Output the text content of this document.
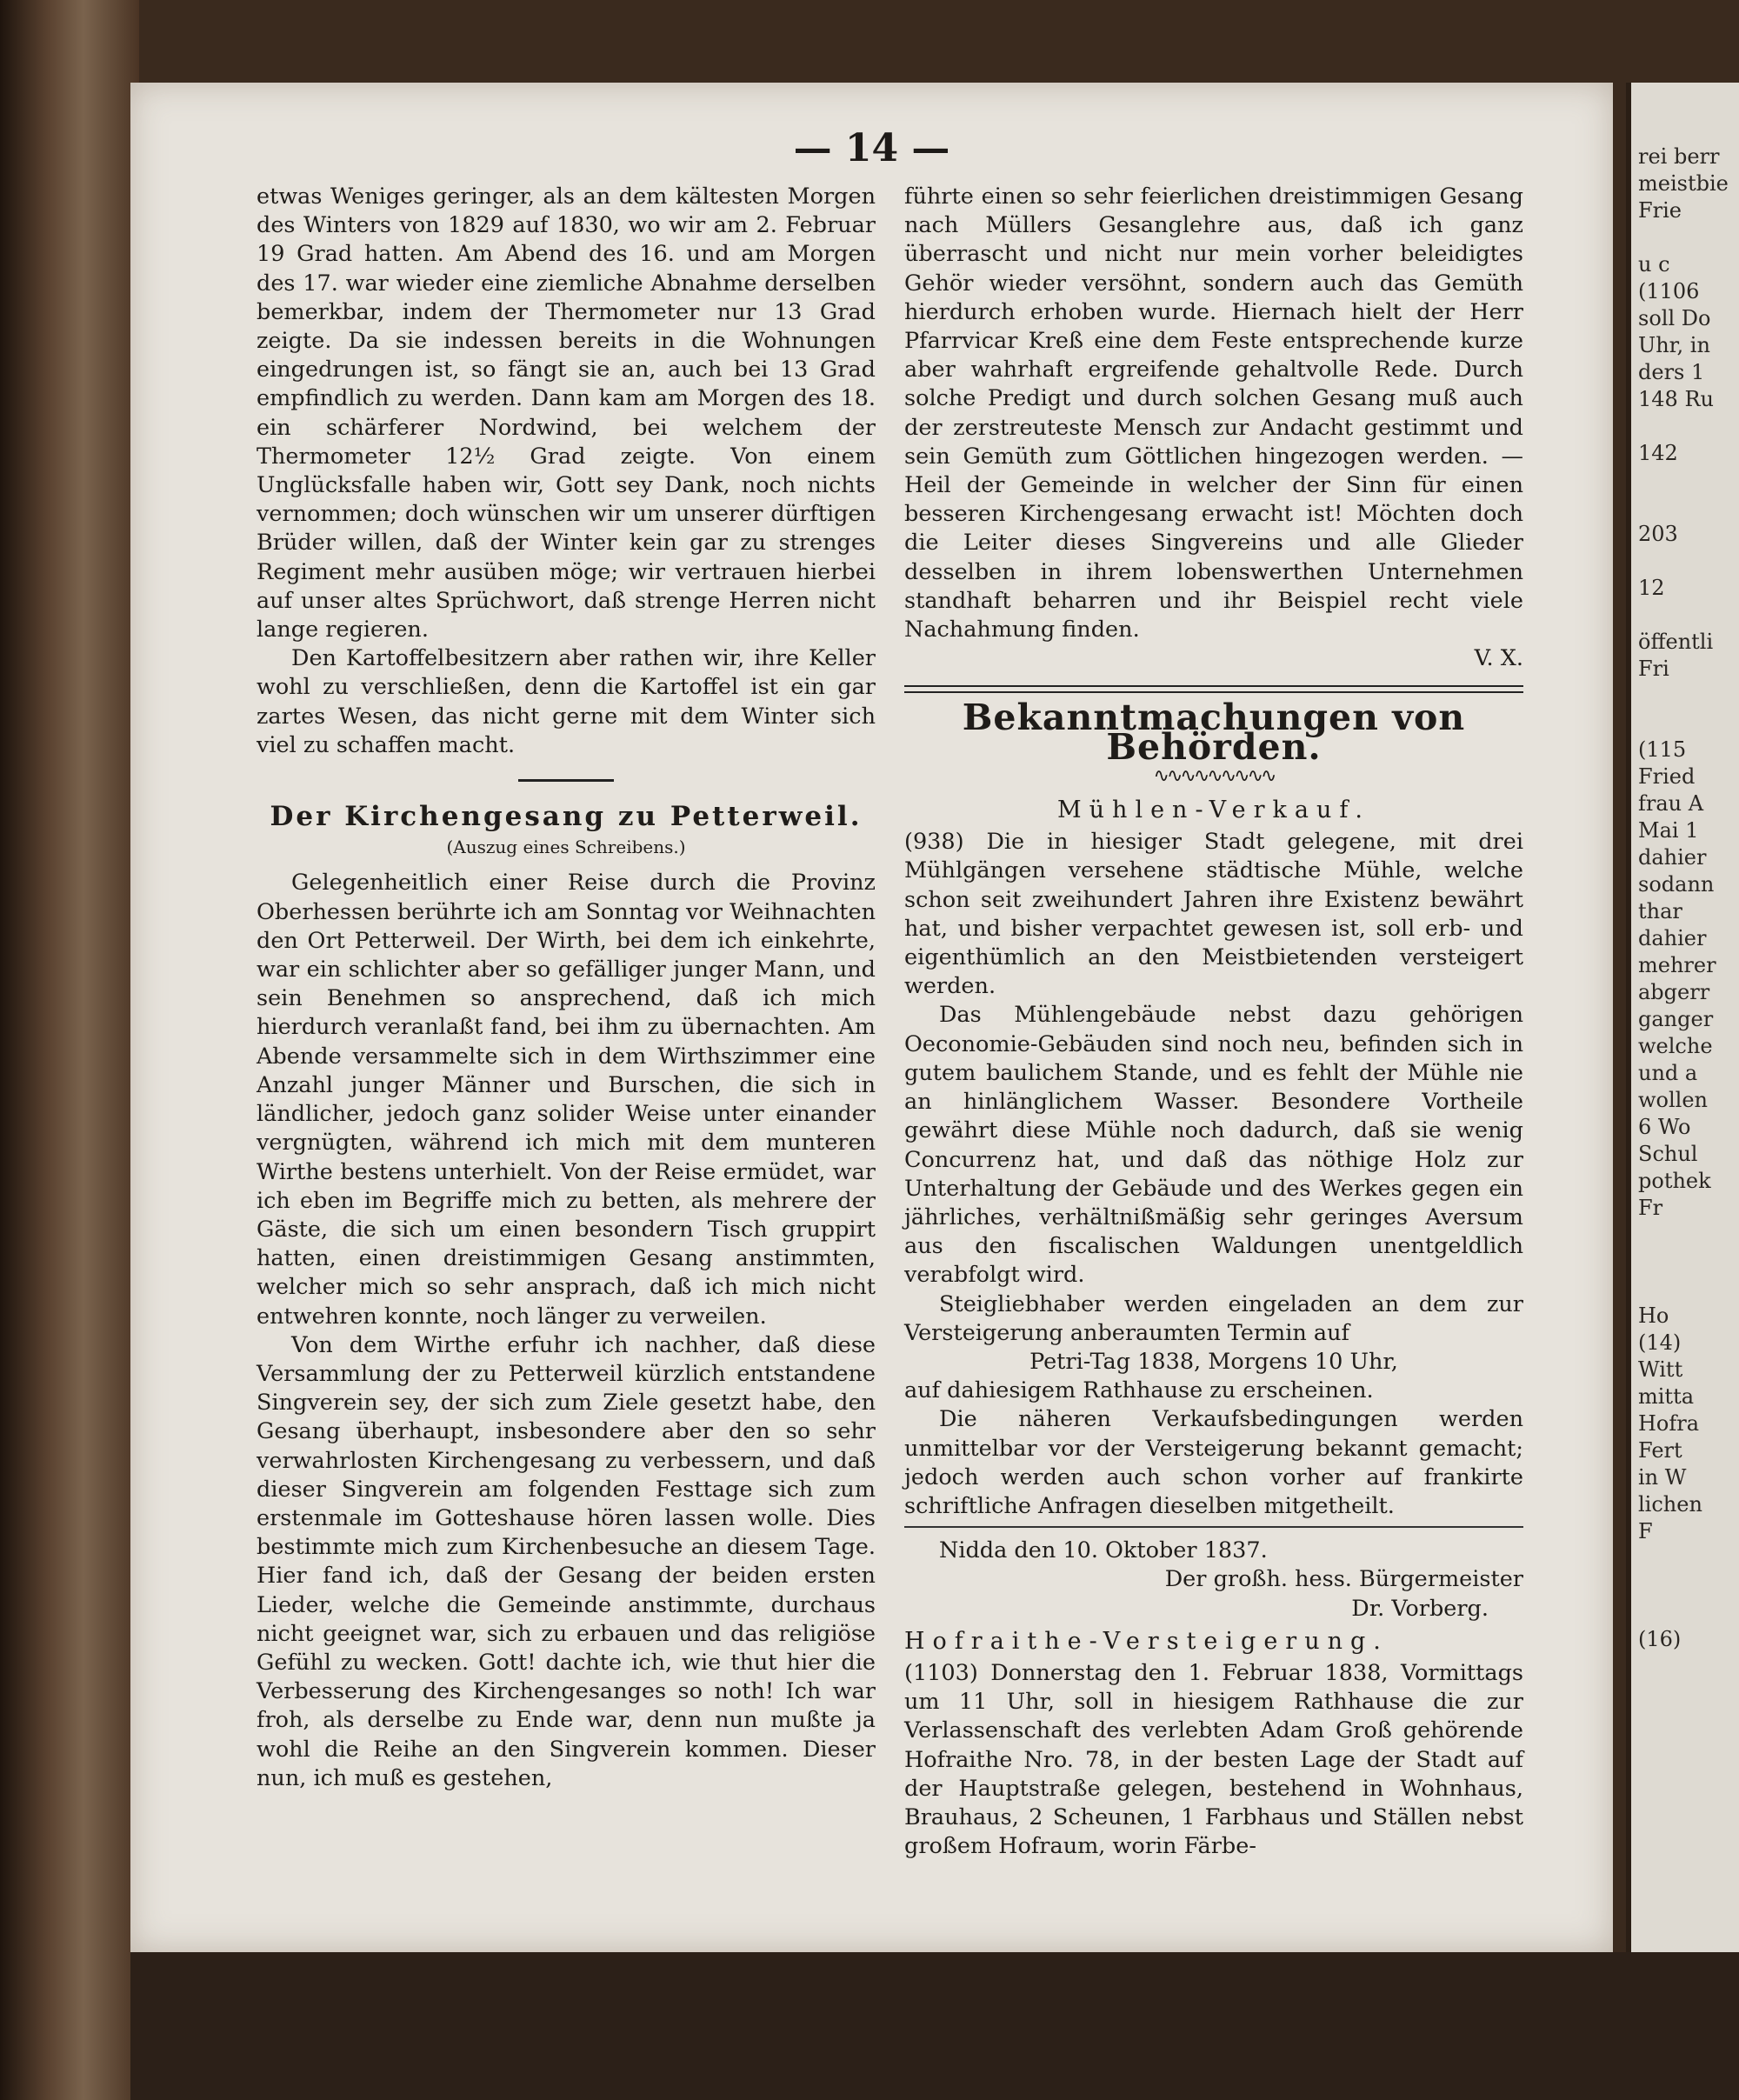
— 14 —

etwas Weniges geringer, als an dem kältesten Morgen des Winters von 1829 auf 1830, wo wir am 2. Februar 19 Grad hatten. Am Abend des 16. und am Morgen des 17. war wieder eine ziemliche Abnahme derselben bemerkbar, indem der Thermometer nur 13 Grad zeigte. Da sie indessen bereits in die Wohnungen eingedrungen ist, so fängt sie an, auch bei 13 Grad empfindlich zu werden. Dann kam am Morgen des 18. ein schärferer Nordwind, bei welchem der Thermometer 12½ Grad zeigte. Von einem Unglücksfalle haben wir, Gott sey Dank, noch nichts vernommen; doch wünschen wir um unserer dürftigen Brüder willen, daß der Winter kein gar zu strenges Regiment mehr ausüben möge; wir vertrauen hierbei auf unser altes Sprüchwort, daß strenge Herren nicht lange regieren.

Den Kartoffelbesitzern aber rathen wir, ihre Keller wohl zu verschließen, denn die Kartoffel ist ein gar zartes Wesen, das nicht gerne mit dem Winter sich viel zu schaffen macht.

Der Kirchengesang zu Petterweil.
(Auszug eines Schreibens.)

Gelegenheitlich einer Reise durch die Provinz Oberhessen berührte ich am Sonntag vor Weihnachten den Ort Petterweil. Der Wirth, bei dem ich einkehrte, war ein schlichter aber so gefälliger junger Mann, und sein Benehmen so ansprechend, daß ich mich hierdurch veranlaßt fand, bei ihm zu übernachten. Am Abende versammelte sich in dem Wirthszimmer eine Anzahl junger Männer und Burschen, die sich in ländlicher, jedoch ganz solider Weise unter einander vergnügten, während ich mich mit dem munteren Wirthe bestens unterhielt. Von der Reise ermüdet, war ich eben im Begriffe mich zu betten, als mehrere der Gäste, die sich um einen besondern Tisch gruppirt hatten, einen dreistimmigen Gesang anstimmten, welcher mich so sehr ansprach, daß ich mich nicht entwehren konnte, noch länger zu verweilen.

Von dem Wirthe erfuhr ich nachher, daß diese Versammlung der zu Petterweil kürzlich entstandene Singverein sey, der sich zum Ziele gesetzt habe, den Gesang überhaupt, insbesondere aber den so sehr verwahrlosten Kirchengesang zu verbessern, und daß dieser Singverein am folgenden Festtage sich zum erstenmale im Gotteshause hören lassen wolle. Dies bestimmte mich zum Kirchenbesuche an diesem Tage. Hier fand ich, daß der Gesang der beiden ersten Lieder, welche die Gemeinde anstimmte, durchaus nicht geeignet war, sich zu erbauen und das religiöse Gefühl zu wecken. Gott! dachte ich, wie thut hier die Verbesserung des Kirchengesanges so noth! Ich war froh, als derselbe zu Ende war, denn nun mußte ja wohl die Reihe an den Singverein kommen. Dieser nun, ich muß es gestehen,

führte einen so sehr feierlichen dreistimmigen Gesang nach Müllers Gesanglehre aus, daß ich ganz überrascht und nicht nur mein vorher beleidigtes Gehör wieder versöhnt, sondern auch das Gemüth hierdurch erhoben wurde. Hiernach hielt der Herr Pfarrvicar Kreß eine dem Feste entsprechende kurze aber wahrhaft ergreifende gehaltvolle Rede. Durch solche Predigt und durch solchen Gesang muß auch der zerstreuteste Mensch zur Andacht gestimmt und sein Gemüth zum Göttlichen hingezogen werden. — Heil der Gemeinde in welcher der Sinn für einen besseren Kirchengesang erwacht ist! Möchten doch die Leiter dieses Singvereins und alle Glieder desselben in ihrem lobenswerthen Unternehmen standhaft beharren und ihr Beispiel recht viele Nachahmung finden.

V. X.
Bekanntmachungen von Behörden.
∿∿∿∿∿∿∿∿∿
Mühlen-Verkauf.

(938) Die in hiesiger Stadt gelegene, mit drei Mühlgängen versehene städtische Mühle, welche schon seit zweihundert Jahren ihre Existenz bewährt hat, und bisher verpachtet gewesen ist, soll erb- und eigenthümlich an den Meistbietenden versteigert werden.

Das Mühlengebäude nebst dazu gehörigen Oeconomie-Gebäuden sind noch neu, befinden sich in gutem baulichem Stande, und es fehlt der Mühle nie an hinlänglichem Wasser. Besondere Vortheile gewährt diese Mühle noch dadurch, daß sie wenig Concurrenz hat, und daß das nöthige Holz zur Unterhaltung der Gebäude und des Werkes gegen ein jährliches, verhältnißmäßig sehr geringes Aversum aus den fiscalischen Waldungen unentgeldlich verabfolgt wird.

Steigliebhaber werden eingeladen an dem zur Versteigerung anberaumten Termin auf

Petri-Tag 1838, Morgens 10 Uhr,
auf dahiesigem Rathhause zu erscheinen.

Die näheren Verkaufsbedingungen werden unmittelbar vor der Versteigerung bekannt gemacht; jedoch werden auch schon vorher auf frankirte schriftliche Anfragen dieselben mitgetheilt.

Nidda den 10. Oktober 1837.
Der großh. hess. Bürgermeister
Dr. Vorberg.
Hofraithe-Versteigerung.

(1103) Donnerstag den 1. Februar 1838, Vormittags um 11 Uhr, soll in hiesigem Rathhause die zur Verlassenschaft des verlebten Adam Groß gehörende Hofraithe Nro. 78, in der besten Lage der Stadt auf der Hauptstraße gelegen, bestehend in Wohnhaus, Brauhaus, 2 Scheunen, 1 Farbhaus und Ställen nebst großem Hofraum, worin Färbe-

rei berr
meistbie
Frie

u c
(1106
soll Do
Uhr, in
ders 1
148 Ru

142

203

12

öffentli
Fri

(115
Fried
frau A
Mai 1
dahier
sodann
thar
dahier
mehrer
abgerr
ganger
welche
und a
wollen
6 Wo
Schul
pothek
Fr

Ho
(14)
Witt
mitta
Hofra
Fert
in W
lichen
F

(16)
